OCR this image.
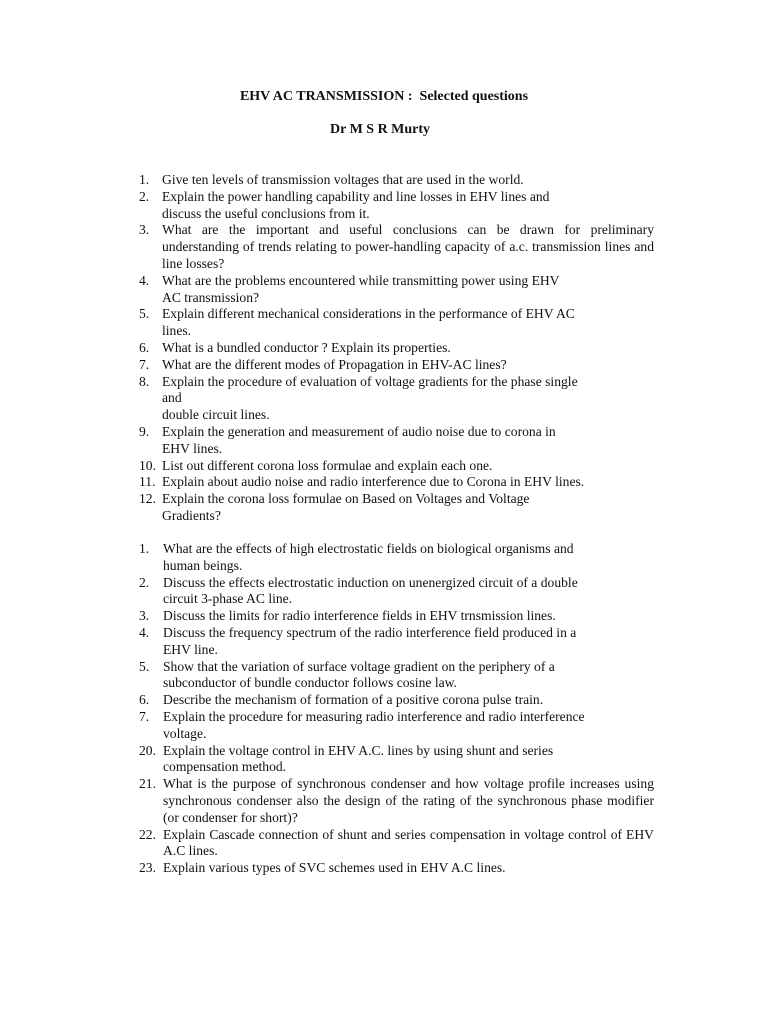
EHV AC TRANSMISSION :  Selected questions
Dr M S R Murty
1. Give ten levels of transmission voltages that are used in the world.
2. Explain the power handling capability and line losses in EHV lines and
discuss the useful conclusions from it.
3. What are the important and useful conclusions can be drawn for preliminary understanding of trends relating to power-handling capacity of a.c. transmission lines and line losses?
4. What are the problems encountered while transmitting power using EHV
AC transmission?
5. Explain different mechanical considerations in the performance of EHV AC
lines.
6. What is a bundled conductor ? Explain its properties.
7. What are the different modes of Propagation in EHV-AC lines?
8. Explain the procedure of evaluation of voltage gradients for the phase single
and
double circuit lines.
9. Explain the generation and measurement of audio noise due to corona in
EHV lines.
10. List out different corona loss formulae and explain each one.
11. Explain about audio noise and radio interference due to Corona in EHV lines.
12. Explain the corona loss formulae on Based on Voltages and Voltage
Gradients?
1.	What are the effects of high electrostatic fields on biological organisms and
human beings.
2.	Discuss the effects electrostatic induction on unenergized circuit of a double
circuit 3-phase AC line.
3.	Discuss the limits for radio interference fields in EHV trnsmission lines.
4.	Discuss the frequency spectrum of the radio interference field produced in a
EHV line.
5.	Show that the variation of surface voltage gradient on the periphery of a
subconductor of bundle conductor follows cosine law.
6.	Describe the mechanism of formation of a positive corona pulse train.
7.	Explain the procedure for measuring radio interference and radio interference
voltage.
20. Explain the voltage control in EHV A.C. lines by using shunt and series
compensation method.
21. What is the purpose of synchronous condenser and how voltage profile increases using synchronous condenser also the design of the rating of the synchronous phase modifier (or condenser for short)?
22. Explain Cascade connection of shunt and series compensation in voltage control of EHV A.C lines.
23. Explain various types of SVC schemes used in EHV A.C lines.
